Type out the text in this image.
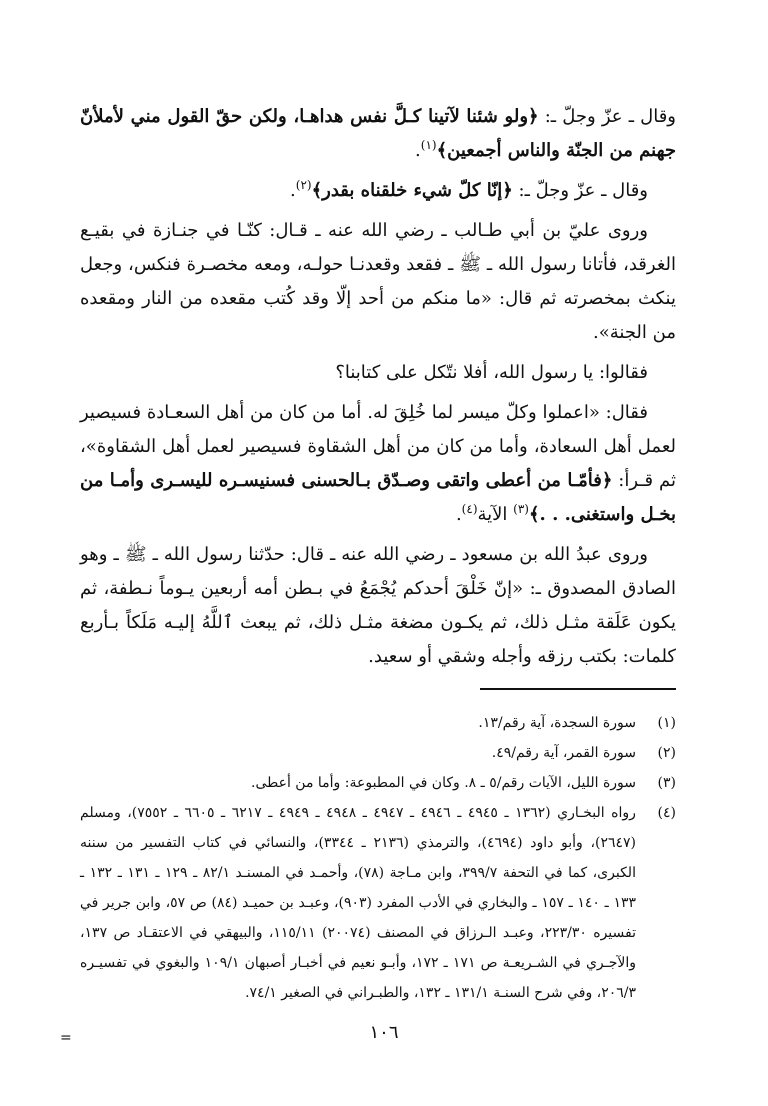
وقال ـ عزّ وجلّ ـ: ﴿ولو شئنا لآتينا كـلَّ نفس هداهـا، ولكن حقّ القول مني لأملأنّ جهنم من الجنّة والناس أجمعين﴾$^{(١)}$.

وقال ـ عزّ وجلّ ـ: ﴿إنّا كلّ شيء خلقناه بقدر﴾$^{(٢)}$.

وروى عليّ بن أبي طـالب ـ رضي الله عنه ـ قـال: كنّـا في جنـازة في بقيـع الغرقد، فأتانا رسول الله ـ ﷺ ـ فقعد وقعدنـا حولـه، ومعه مخصـرة فنكس، وجعل ينكث بمخصرته ثم قال: «ما منكم من أحد إلّا وقد كُتب مقعده من النار ومقعده من الجنة».

فقالوا: يا رسول الله، أفلا نتّكل على كتابنا؟

فقال: «اعملوا وكلّ ميسر لما خُلِقَ له. أما من كان من أهل السعـادة فسيصير لعمل أهل السعادة، وأما من كان من أهل الشقاوة فسيصير لعمل أهل الشقاوة»، ثم قـرأ: ﴿فأمّـا من أعطى واتقى وصـدّق بـالحسنى فسنيسـره لليسـرى وأمـا من بخـل واستغنى. . .﴾$^{(٣)}$ الآية$^{(٤)}$.

وروى عبدُ الله بن مسعود ـ رضي الله عنه ـ قال: حدّثنا رسول الله ـ ﷺ ـ وهو الصادق المصدوق ـ: «إنّ خَلْقَ أحدكم يُجْمَعُ في بـطن أمه أربعين يـوماً نـطفة، ثم يكون عَلَقة مثـل ذلك، ثم يكـون مضغة مثـل ذلك، ثم يبعث ٱللَّهُ إليـه مَلَكاً بـأربع كلمات: بكتب رزقه وأجله وشقي أو سعيد.

(١)
سورة السجدة، آية رقم/١٣.
(٢)
سورة القمر، آية رقم/٤٩.
(٣)
سورة الليل، الآيات رقم/٥ ـ ٨. وكان في المطبوعة: وأما من أعطى.
(٤)
رواه البخـاري (١٣٦٢ ـ ٤٩٤٥ ـ ٤٩٤٦ ـ ٤٩٤٧ ـ ٤٩٤٨ ـ ٤٩٤٩ ـ ٦٢١٧ ـ ٦٦٠٥ ـ ٧٥٥٢)، ومسلم (٢٦٤٧)، وأبو داود (٤٦٩٤)، والترمذي (٢١٣٦ ـ ٣٣٤٤)، والنسائي في كتاب التفسير من سننه الكبرى، كما في التحفة ٣٩٩/٧، وابن مـاجة (٧٨)، وأحمـد في المسنـد ٨٢/١ ـ ١٢٩ ـ ١٣١ ـ ١٣٢ ـ ١٣٣ ـ ١٤٠ ـ ١٥٧ ـ والبخاري في الأدب المفرد (٩٠٣)، وعبـد بن حميـد (٨٤) ص ٥٧، وابن جرير في تفسيره ٢٢٣/٣٠، وعبـد الـرزاق في المصنف (٢٠٠٧٤) ١١٥/١١، والبيهقي في الاعتقـاد ص ١٣٧، والآجـري في الشـريعـة ص ١٧١ ـ ١٧٢، وأبـو نعيم في أخبـار أصبهان ١٠٩/١ والبغوي في تفسيـره ٢٠٦/٣، وفي شرح السنـة ١٣١/١ ـ ١٣٢، والطبـراني في الصغير ٧٤/١.
١٠٦
=
